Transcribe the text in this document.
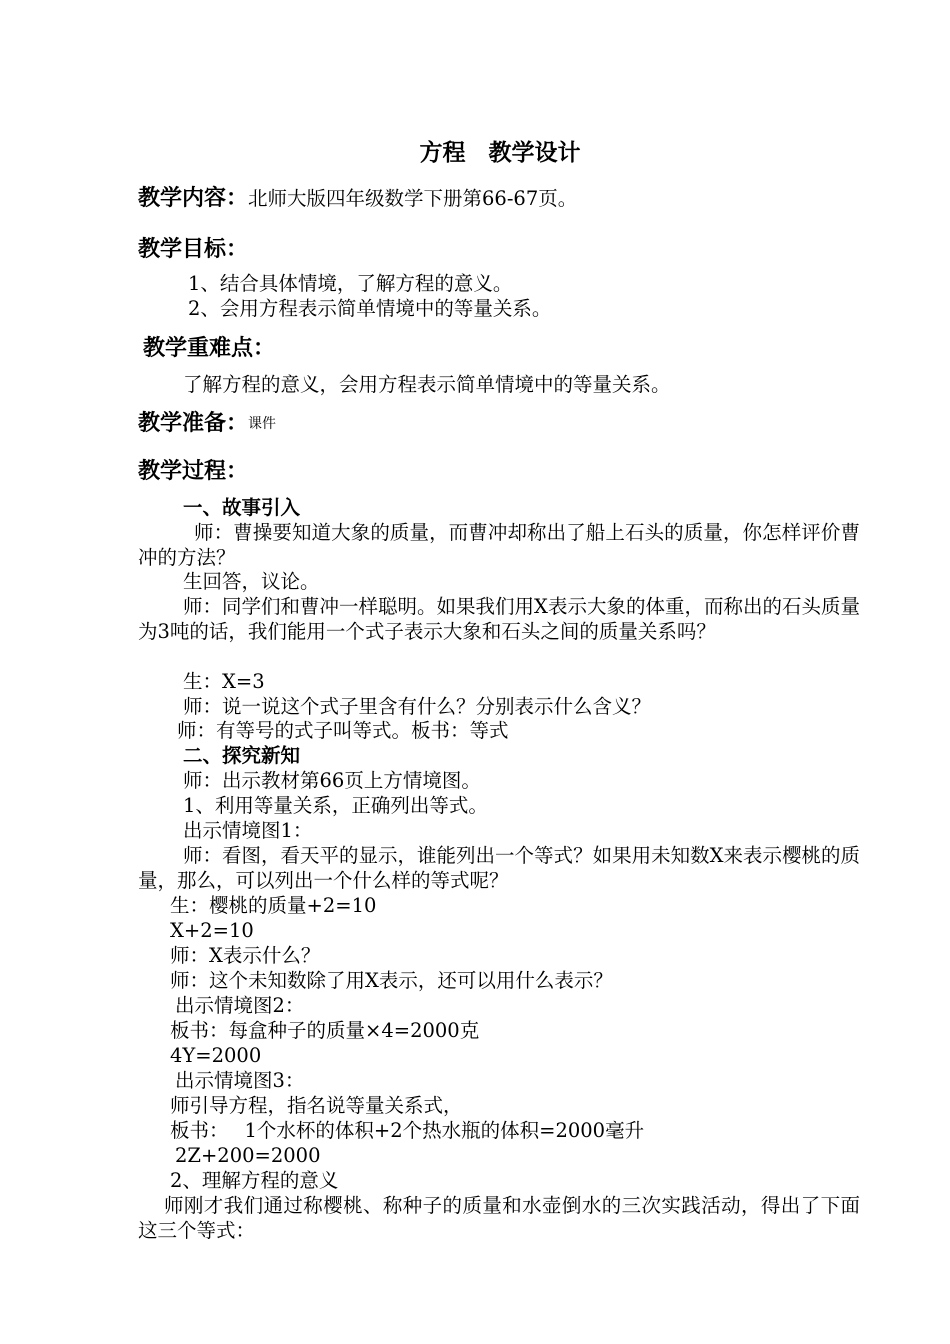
方程　教学设计
教学内容：北师大版四年级数学下册第66-67页。
教学目标：
1、结合具体情境，了解方程的意义。
2、会用方程表示简单情境中的等量关系。
教学重难点：
了解方程的意义，会用方程表示简单情境中的等量关系。
教学准备：课件
教学过程：
一、故事引入
师：曹操要知道大象的质量，而曹冲却称出了船上石头的质量，你怎样评价曹冲的方法？
生回答，议论。
师：同学们和曹冲一样聪明。如果我们用X表示大象的体重，而称出的石头质量为3吨的话，我们能用一个式子表示大象和石头之间的质量关系吗？
生：X=3
师：说一说这个式子里含有什么？分别表示什么含义？
师：有等号的式子叫等式。板书：等式
二、探究新知
师：出示教材第66页上方情境图。
1、利用等量关系，正确列出等式。
出示情境图1：
师：看图，看天平的显示，谁能列出一个等式？如果用未知数X来表示樱桃的质量，那么，可以列出一个什么样的等式呢？
生：樱桃的质量+2=10
X+2=10
师：X表示什么？
师：这个未知数除了用X表示，还可以用什么表示？
出示情境图2：
板书：每盒种子的质量×4=2000克
4Y=2000
出示情境图3：
师引导方程，指名说等量关系式，
板书：　 1个水杯的体积+2个热水瓶的体积=2000毫升
2Z+200=2000
2、理解方程的意义
师刚才我们通过称樱桃、称种子的质量和水壶倒水的三次实践活动，得出了下面这三个等式：
